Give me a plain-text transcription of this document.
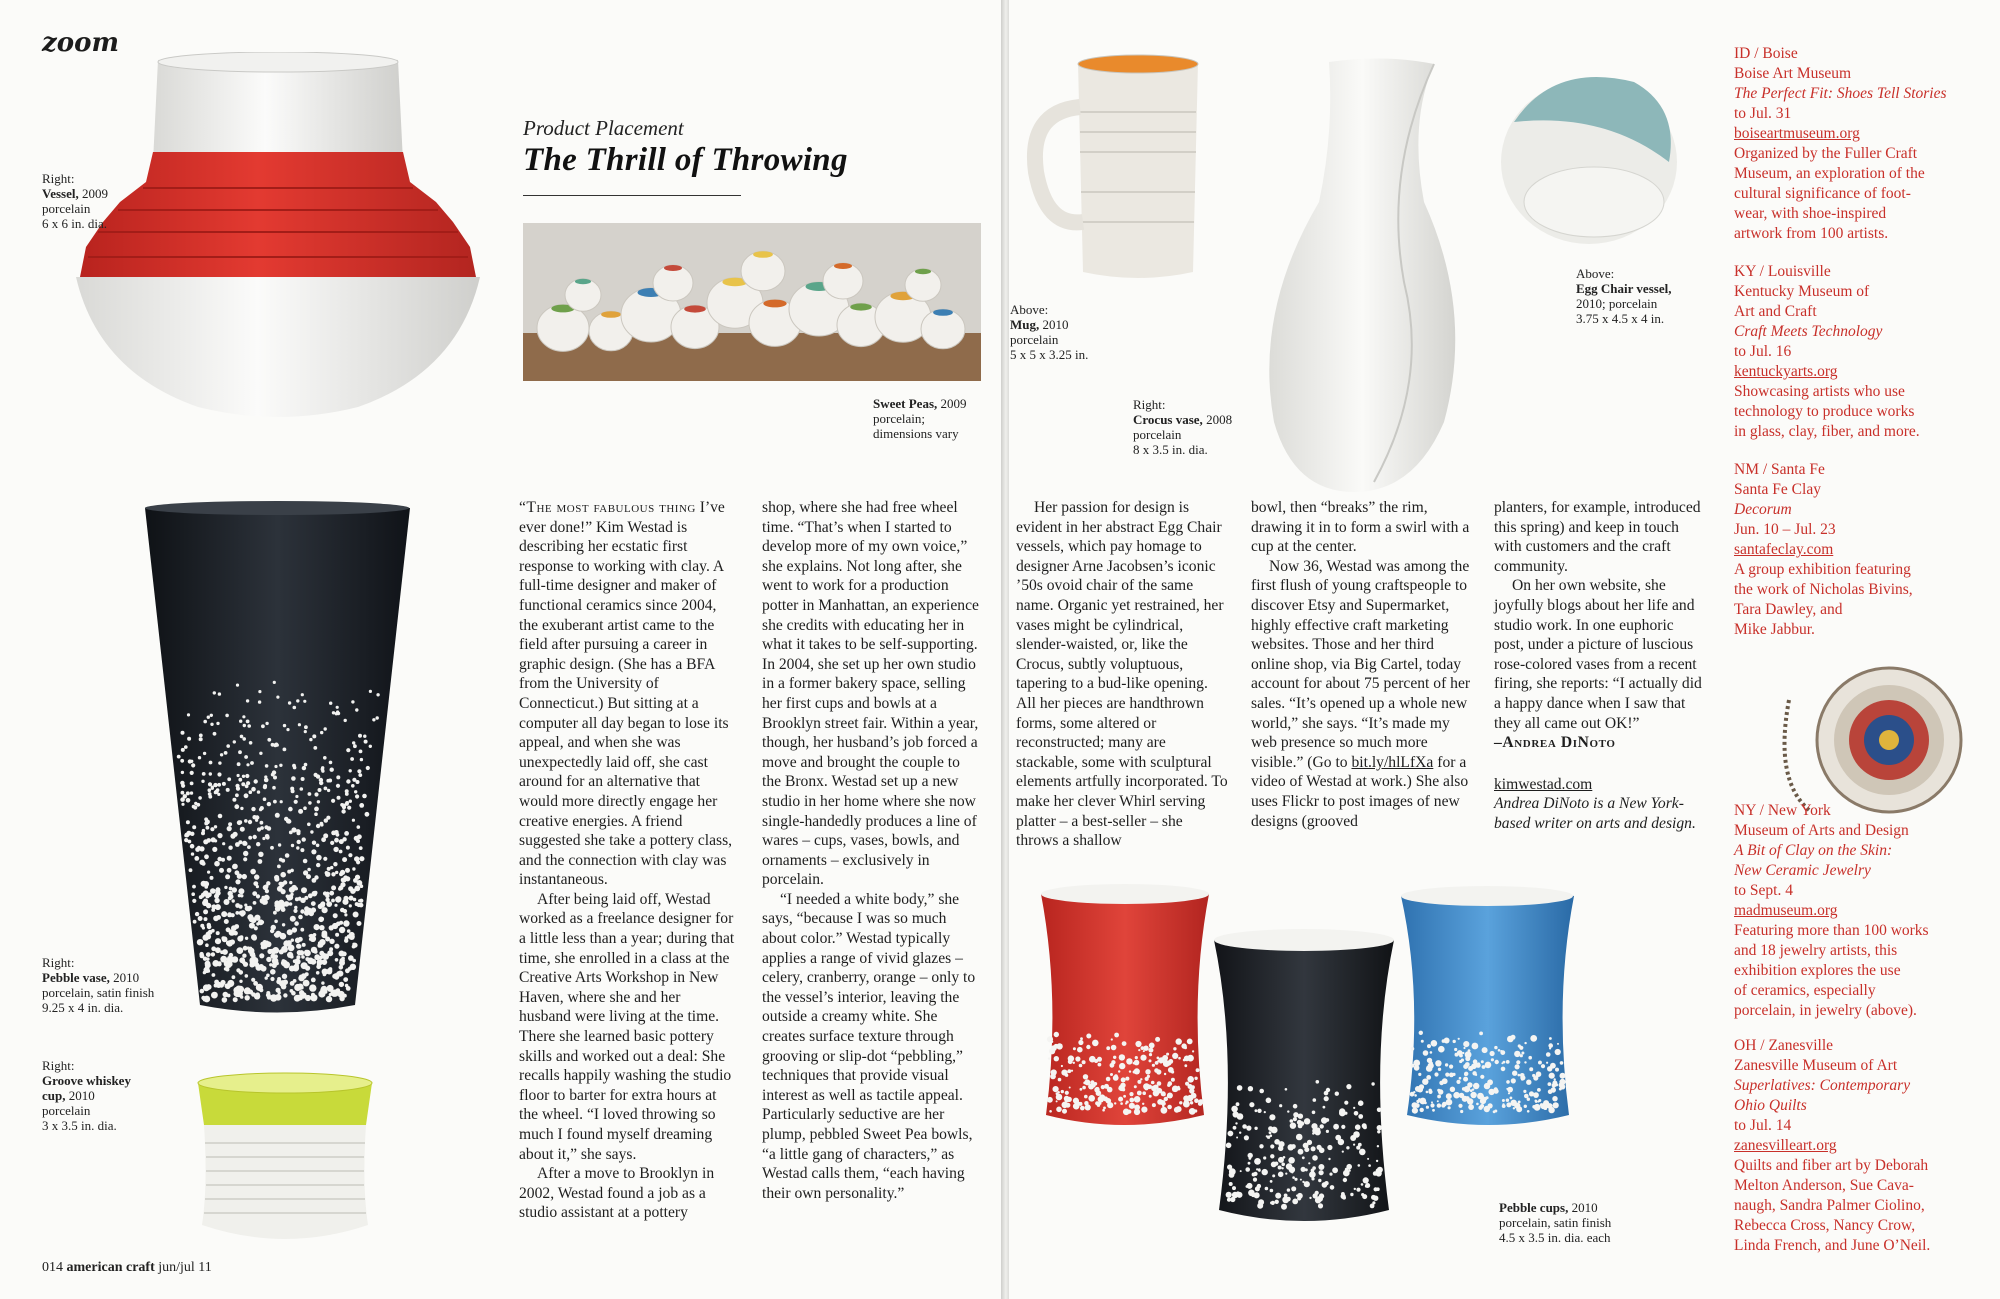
zoom
Right:
Vessel, 2009
porcelain
6 x 6 in. dia.
Right:
Pebble vase, 2010
porcelain, satin finish
9.25 x 4 in. dia.
Right:
Groove whiskey
cup, 2010
porcelain
3 x 3.5 in. dia.
Product Placement
The Thrill of Throwing
Sweet Peas, 2009
porcelain;
dimensions vary

“The most fabulous thing I’ve ever done!” Kim Westad is describing her ecstatic first response to working with clay. A full-time designer and maker of functional ceramics since 2004, the exuberant artist came to the field after pursuing a career in graphic design. (She has a BFA from the University of Connecticut.) But sitting at a computer all day began to lose its appeal, and when she was unexpectedly laid off, she cast around for an alternative that would more directly engage her creative energies. A friend suggested she take a pottery class, and the connection with clay was instantaneous.

After being laid off, Westad worked as a freelance designer for a little less than a year; during that time, she enrolled in a class at the Creative Arts Workshop in New Haven, where she and her husband were living at the time. There she learned basic pottery skills and worked out a deal: She recalls happily washing the studio floor to barter for extra hours at the wheel. “I loved throwing so much I found myself dreaming about it,” she says.

After a move to Brooklyn in 2002, Westad found a job as a studio assistant at a pottery

shop, where she had free wheel time. “That’s when I started to develop more of my own voice,” she explains. Not long after, she went to work for a production potter in Manhattan, an experience she credits with educating her in what it takes to be self-supporting. In 2004, she set up her own studio in a former bakery space, selling her first cups and bowls at a Brooklyn street fair. Within a year, though, her husband’s job forced a move and brought the couple to the Bronx. Westad set up a new studio in her home where she now single-handedly produces a line of wares – cups, vases, bowls, and ornaments – exclusively in porcelain.

“I needed a white body,” she says, “because I was so much about color.” Westad typically applies a range of vivid glazes – celery, cranberry, orange – only to the vessel’s interior, leaving the outside a creamy white. She creates surface texture through grooving or slip-dot “pebbling,” techniques that provide visual interest as well as tactile appeal. Particularly seductive are her plump, pebbled Sweet Pea bowls, “a little gang of characters,” as Westad calls them, “each having their own personality.”

014 american craft jun/jul 11
Above:
Mug, 2010
porcelain
5 x 5 x 3.25 in.
Right:
Crocus vase, 2008
porcelain
8 x 3.5 in. dia.
Above:
Egg Chair vessel,
2010; porcelain
3.75 x 4.5 x 4 in.

Her passion for design is evident in her abstract Egg Chair vessels, which pay homage to designer Arne Jacobsen’s iconic ’50s ovoid chair of the same name. Organic yet restrained, her vases might be cylindrical, slender-waisted, or, like the Crocus, subtly voluptuous, tapering to a bud-like opening. All her pieces are handthrown forms, some altered or reconstructed; many are stackable, some with sculptural elements artfully incorporated. To make her clever Whirl serving platter – a best-seller – she throws a shallow

bowl, then “breaks” the rim, drawing it in to form a swirl with a cup at the center.

Now 36, Westad was among the first flush of young craftspeople to discover Etsy and Supermarket, highly effective craft marketing websites. Those and her third online shop, via Big Cartel, today account for about 75 percent of her sales. “It’s opened up a whole new world,” she says. “It’s made my web presence so much more visible.” (Go to bit.ly/hlLfXa for a video of Westad at work.) She also uses Flickr to post images of new designs (grooved

planters, for example, introduced this spring) and keep in touch with customers and the craft community.

On her own website, she joyfully blogs about her life and studio work. In one euphoric post, under a picture of luscious rose-colored vases from a recent firing, she reports: “I actually did a happy dance when I saw that they all came out OK!”

–Andrea DiNoto

kimwestad.com

Andrea DiNoto is a New York-based writer on arts and design.

Pebble cups, 2010
porcelain, satin finish
4.5 x 3.5 in. dia. each
ID / Boise
Boise Art Museum
The Perfect Fit: Shoes Tell Stories
to Jul. 31
boiseartmuseum.org
Organized by the Fuller Craft
Museum, an exploration of the
cultural significance of foot-
wear, with shoe-inspired
artwork from 100 artists.
KY / Louisville
Kentucky Museum of
Art and Craft
Craft Meets Technology
to Jul. 16
kentuckyarts.org
Showcasing artists who use
technology to produce works
in glass, clay, fiber, and more.
NM / Santa Fe
Santa Fe Clay
Decorum
Jun. 10 – Jul. 23
santafeclay.com
A group exhibition featuring
the work of Nicholas Bivins,
Tara Dawley, and
Mike Jabbur.
NY / New York
Museum of Arts and Design
A Bit of Clay on the Skin:
New Ceramic Jewelry
to Sept. 4
madmuseum.org
Featuring more than 100 works
and 18 jewelry artists, this
exhibition explores the use
of ceramics, especially
porcelain, in jewelry (above).
OH / Zanesville
Zanesville Museum of Art
Superlatives: Contemporary
Ohio Quilts
to Jul. 14
zanesvilleart.org
Quilts and fiber art by Deborah
Melton Anderson, Sue Cava-
naugh, Sandra Palmer Ciolino,
Rebecca Cross, Nancy Crow,
Linda French, and June O’Neil.
